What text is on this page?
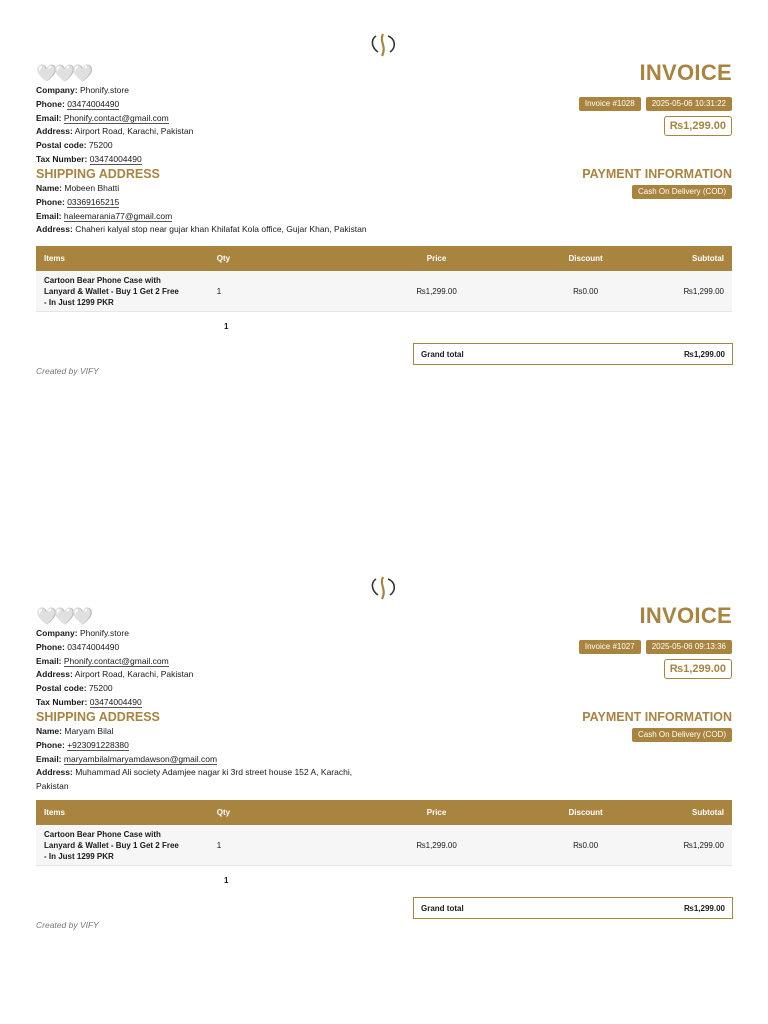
🤍🤍🤍
Company: Phonify.store
Phone: 03474004490
Email: Phonify.contact@gmail.com
Address: Airport Road, Karachi, Pakistan
Postal code: 75200
Tax Number: 03474004490
INVOICE
Invoice #1028	2025-05-06 10:31:22
₨1,299.00
SHIPPING ADDRESS
Name: Mobeen Bhatti
Phone: 03369165215
Email: haleemarania77@gmail.com
Address: Chaheri kalyal stop near gujar khan Khilafat Kola office, Gujar Khan, Pakistan
PAYMENT INFORMATION
Cash On Delivery (COD)
Items	Qty	Price	Discount	Subtotal
Cartoon Bear Phone Case with Lanyard & Wallet - Buy 1 Get 2 Free - In Just 1299 PKR	1	₨1,299.00	₨0.00	₨1,299.00
1
Grand total	₨1,299.00
Created by VIFY
🤍🤍🤍
Company: Phonify.store
Phone: 03474004490
Email: Phonify.contact@gmail.com
Address: Airport Road, Karachi, Pakistan
Postal code: 75200
Tax Number: 03474004490
INVOICE
Invoice #1027	2025-05-06 09:13:36
₨1,299.00
SHIPPING ADDRESS
Name: Maryam Bilal
Phone: +923091228380
Email: maryambilalmaryamdawson@gmail.com
Address: Muhammad Ali society Adamjee nagar ki 3rd street house 152 A, Karachi, Pakistan
PAYMENT INFORMATION
Cash On Delivery (COD)
Items	Qty	Price	Discount	Subtotal
Cartoon Bear Phone Case with Lanyard & Wallet - Buy 1 Get 2 Free - In Just 1299 PKR	1	₨1,299.00	₨0.00	₨1,299.00
1
Grand total	₨1,299.00
Created by VIFY
